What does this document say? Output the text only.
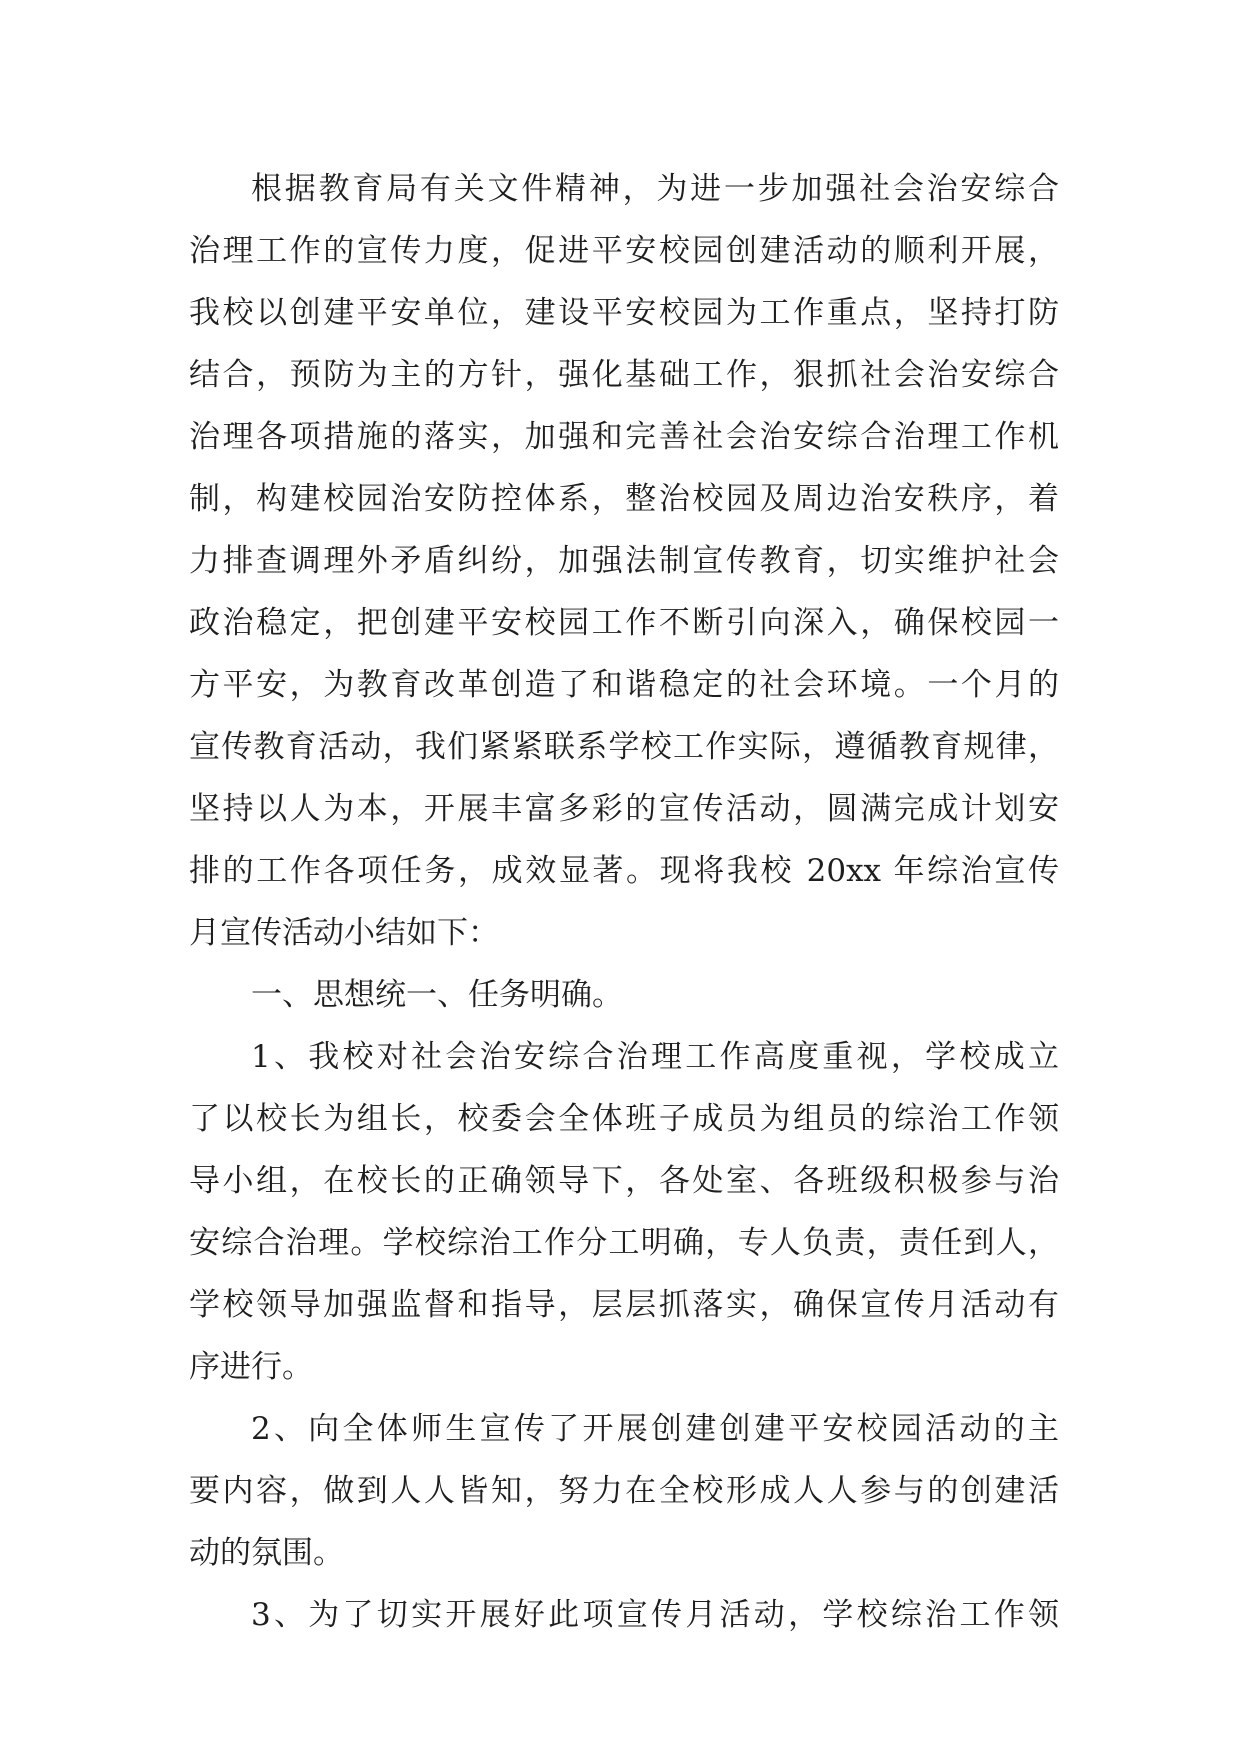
根据教育局有关文件精神，为进一步加强社会治安综合
治理工作的宣传力度，促进平安校园创建活动的顺利开展，
我校以创建平安单位，建设平安校园为工作重点，坚持打防
结合，预防为主的方针，强化基础工作，狠抓社会治安综合
治理各项措施的落实，加强和完善社会治安综合治理工作机
制，构建校园治安防控体系，整治校园及周边治安秩序，着
力排查调理外矛盾纠纷，加强法制宣传教育，切实维护社会
政治稳定，把创建平安校园工作不断引向深入，确保校园一
方平安，为教育改革创造了和谐稳定的社会环境。一个月的
宣传教育活动，我们紧紧联系学校工作实际，遵循教育规律，
坚持以人为本，开展丰富多彩的宣传活动，圆满完成计划安
排的工作各项任务，成效显著。现将我校 20xx 年综治宣传
月宣传活动小结如下：
一、思想统一、任务明确。
1、我校对社会治安综合治理工作高度重视，学校成立
了以校长为组长，校委会全体班子成员为组员的综治工作领
导小组，在校长的正确领导下，各处室、各班级积极参与治
安综合治理。学校综治工作分工明确，专人负责，责任到人，
学校领导加强监督和指导，层层抓落实，确保宣传月活动有
序进行。
2、向全体师生宣传了开展创建创建平安校园活动的主
要内容，做到人人皆知，努力在全校形成人人参与的创建活
动的氛围。
3、为了切实开展好此项宣传月活动，学校综治工作领
